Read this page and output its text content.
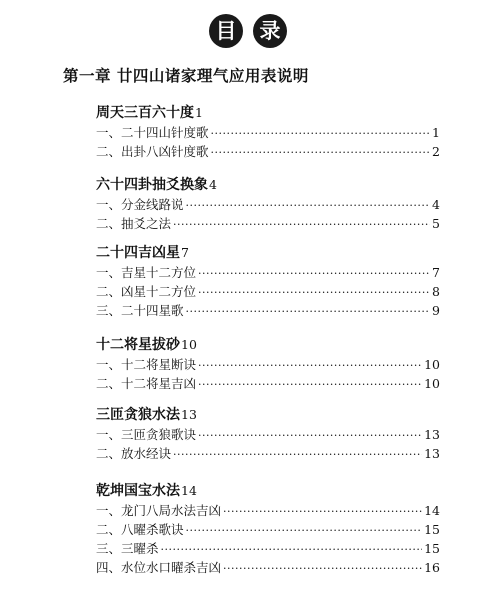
目	录
第一章 廿四山诸家理气应用表说明
周天三百六十度1
一、 二十四山针度歌 ·····	1
二、 出卦八凶针度歌 ·····	2
六十四卦抽爻换象4
一、 分金线路说 ·····	4
二、 抽爻之法 ·····	5
二十四吉凶星7
一、 吉星十二方位 ·····	7
二、 凶星十二方位 ·····	8
三、 二十四星歌 ·····	9
十二将星拔砂10
一、 十二将星断诀 ·····	10
二、 十二将星吉凶 ·····	10
三匝贪狼水法13
一、 三匝贪狼歌诀 ·····	13
二、 放水经诀 ·····	13
乾坤国宝水法14
一、 龙门八局水法吉凶 ·····	14
二、 八曜杀歌诀 ·····	15
三、 三曜杀 ·····	15
四、 水位水口曜杀吉凶 ·····	16
